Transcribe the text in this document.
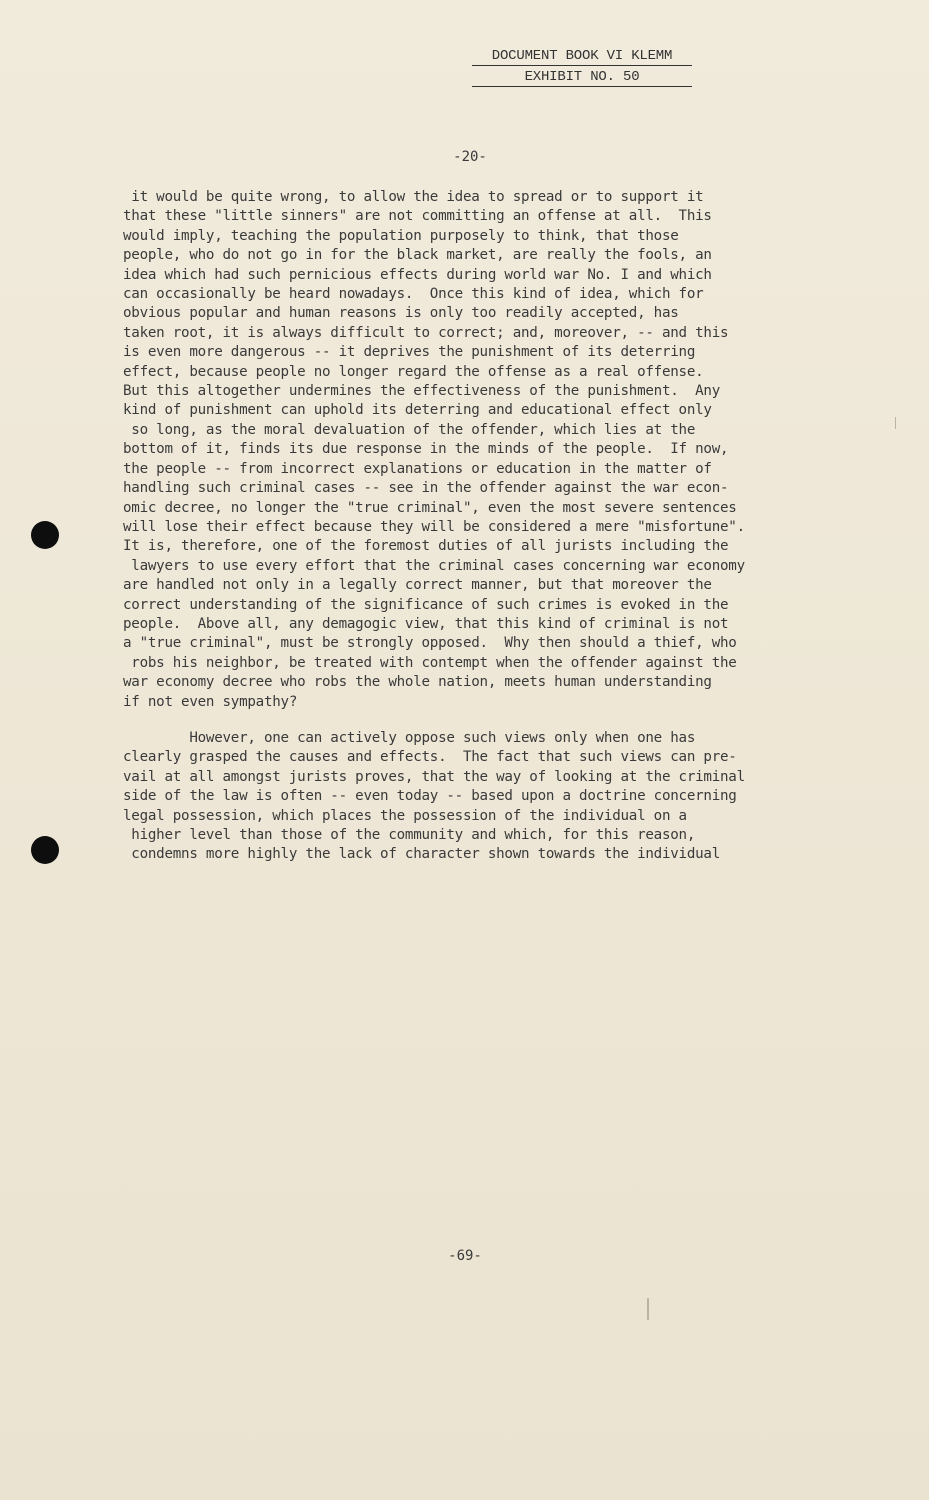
DOCUMENT BOOK VI KLEMM
EXHIBIT NO. 50
-20-

it would be quite wrong, to allow the idea to spread or to support it

that these "little sinners" are not committing an offense at all.  This

would imply, teaching the population purposely to think, that those

people, who do not go in for the black market, are really the fools, an

idea which had such pernicious effects during world war No. I and which

can occasionally be heard nowadays.  Once this kind of idea, which for

obvious popular and human reasons is only too readily accepted, has

taken root, it is always difficult to correct; and, moreover, -- and this

is even more dangerous -- it deprives the punishment of its deterring

effect, because people no longer regard the offense as a real offense.

But this altogether undermines the effectiveness of the punishment.  Any

kind of punishment can uphold its deterring and educational effect only

so long, as the moral devaluation of the offender, which lies at the

bottom of it, finds its due response in the minds of the people.  If now,

the people -- from incorrect explanations or education in the matter of

handling such criminal cases -- see in the offender against the war econ-

omic decree, no longer the "true criminal", even the most severe sentences

will lose their effect because they will be considered a mere "misfortune".

It is, therefore, one of the foremost duties of all jurists including the

lawyers to use every effort that the criminal cases concerning war economy

are handled not only in a legally correct manner, but that moreover the

correct understanding of the significance of such crimes is evoked in the

people.  Above all, any demagogic view, that this kind of criminal is not

a "true criminal", must be strongly opposed.  Why then should a thief, who

robs his neighbor, be treated with contempt when the offender against the

war economy decree who robs the whole nation, meets human understanding

if not even sympathy?

However, one can actively oppose such views only when one has

clearly grasped the causes and effects.  The fact that such views can pre-

vail at all amongst jurists proves, that the way of looking at the criminal

side of the law is often -- even today -- based upon a doctrine concerning

legal possession, which places the possession of the individual on a

higher level than those of the community and which, for this reason,

condemns more highly the lack of character shown towards the individual

-69-
